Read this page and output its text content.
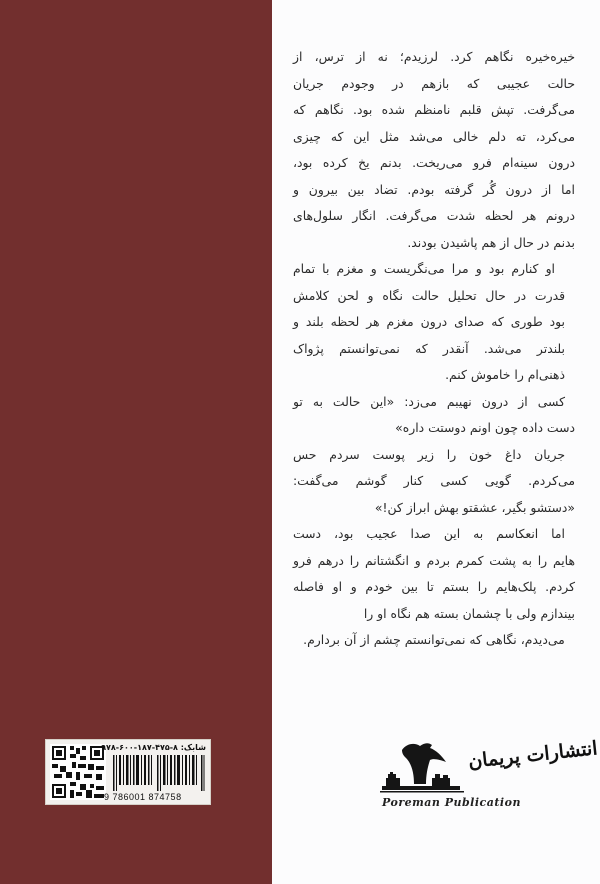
خیره‌خیره نگاهم کرد. لرزیدم؛ نه از ترس، از
حالت عجیبی که بازهم در وجودم جریان
می‌گرفت. تپش قلبم نامنظم شده بود. نگاهم که
می‌کرد، ته دلم خالی می‌شد مثل این که چیزی
درون سینه‌ام فرو می‌ریخت. بدنم یخ کرده بود،
اما از درون گُر گرفته بودم. تضاد بین بیرون و
درونم هر لحظه شدت می‌گرفت. انگار سلول‌های
بدنم در حال از هم پاشیدن بودند.

او کنارم بود و مرا می‌نگریست و مغزم با تمام
قدرت در حال تحلیل حالت نگاه و لحن کلامش
بود طوری که صدای درون مغزم هر لحظه بلند و
بلندتر می‌شد. آنقدر که نمی‌توانستم پژواک
ذهنی‌ام را خاموش کنم.

کسی از درون نهیبم می‌زد: «این حالت به تو
دست داده چون اونم دوستت داره»

جریان داغ خون را زیر پوست سردم حس
می‌کردم. گویی کسی کنار گوشم می‌گفت:
«دستشو بگیر، عشقتو بهش ابراز کن!»

اما انعکاسم به این صدا عجیب بود، دست
هایم را به پشت کمرم بردم و انگشتانم را درهم فرو
کردم. پلک‌هایم را بستم تا بین خودم و او فاصله
بیندازم ولی با چشمان بسته هم نگاه او را

می‌دیدم، نگاهی که نمی‌توانستم چشم از آن بردارم.

شابک: ۸-۴۷۵-۱۸۷-۶۰۰-۹۷۸
9 786001 874758
انتشارات پریمان
Poreman Publication
